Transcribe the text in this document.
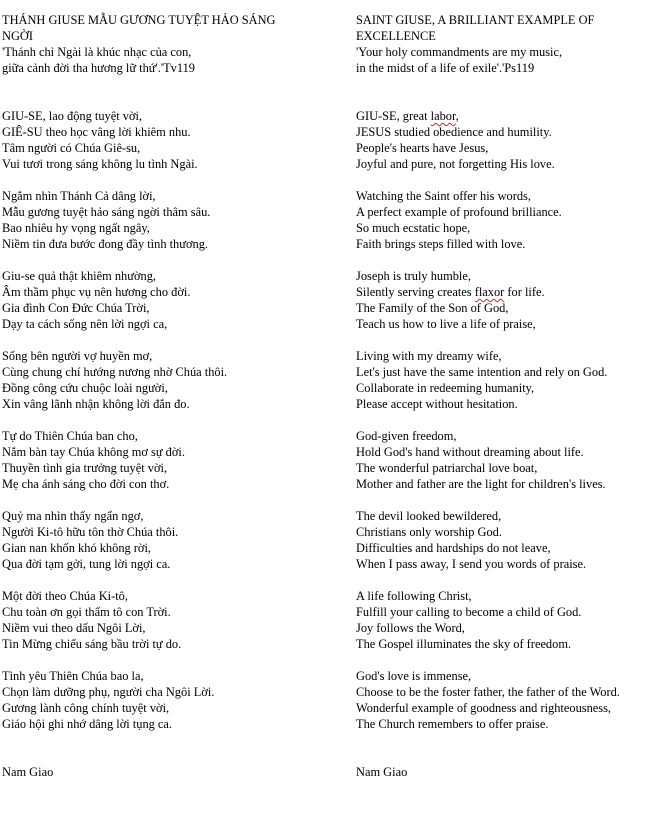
THÁNH GIUSE MẪU GƯƠNG TUYỆT HẢO SÁNG
NGỜI
'Thánh chỉ Ngài là khúc nhạc của con,
giữa cảnh đời tha hương lữ thứ'.'Tv119
GIU-SE, lao động tuyệt vời,
GIÊ-SU theo học vâng lời khiêm nhu.
Tâm người có Chúa Giê-su,
Vui tươi trong sáng không lu tình Ngài.
Ngắm nhìn Thánh Cả dâng lời,
Mẫu gương tuyệt hảo sáng ngời thâm sâu.
Bao nhiêu hy vọng ngất ngây,
Niềm tin đưa bước đong đầy tình thương.
Giu-se quả thật khiêm nhường,
Âm thầm phục vụ nên hương cho đời.
Gia đình Con Đức Chúa Trời,
Dạy ta cách sống nên lời ngợi ca,
Sống bên người vợ huyền mơ,
Cùng chung chí hướng nương nhờ Chúa thôi.
Đồng công cứu chuộc loài người,
Xin vâng lãnh nhận không lời đắn đo.
Tự do Thiên Chúa ban cho,
Nắm bàn tay Chúa không mơ sự đời.
Thuyền tình gia trưởng tuyệt vời,
Mẹ cha ánh sáng cho đời con thơ.
Quỷ ma nhìn thấy ngẩn ngơ,
Người Ki-tô hữu tôn thờ Chúa thôi.
Gian nan khốn khó không rời,
Qua đời tạm gởi, tung lời ngợi ca.
Một đời theo Chúa Ki-tô,
Chu toàn ơn gọi thẩm tô con Trời.
Niềm vui theo dấu Ngôi Lời,
Tin Mừng chiếu sáng bầu trời tự do.
Tình yêu Thiên Chúa bao la,
Chọn làm dưỡng phụ, người cha Ngôi Lời.
Gương lành công chính tuyệt vời,
Giáo hội ghi nhớ dâng lời tụng ca.
Nam Giao
SAINT GIUSE, A BRILLIANT EXAMPLE OF
EXCELLENCE
'Your holy commandments are my music,
in the midst of a life of exile'.'Ps119
GIU-SE, great labor,
JESUS studied obedience and humility.
People's hearts have Jesus,
Joyful and pure, not forgetting His love.
Watching the Saint offer his words,
A perfect example of profound brilliance.
So much ecstatic hope,
Faith brings steps filled with love.
Joseph is truly humble,
Silently serving creates flaxor for life.
The Family of the Son of God,
Teach us how to live a life of praise,
Living with my dreamy wife,
Let's just have the same intention and rely on God.
Collaborate in redeeming humanity,
Please accept without hesitation.
God-given freedom,
Hold God's hand without dreaming about life.
The wonderful patriarchal love boat,
Mother and father are the light for children's lives.
The devil looked bewildered,
Christians only worship God.
Difficulties and hardships do not leave,
When I pass away, I send you words of praise.
A life following Christ,
Fulfill your calling to become a child of God.
Joy follows the Word,
The Gospel illuminates the sky of freedom.
God's love is immense,
Choose to be the foster father, the father of the Word.
Wonderful example of goodness and righteousness,
The Church remembers to offer praise.
Nam Giao
